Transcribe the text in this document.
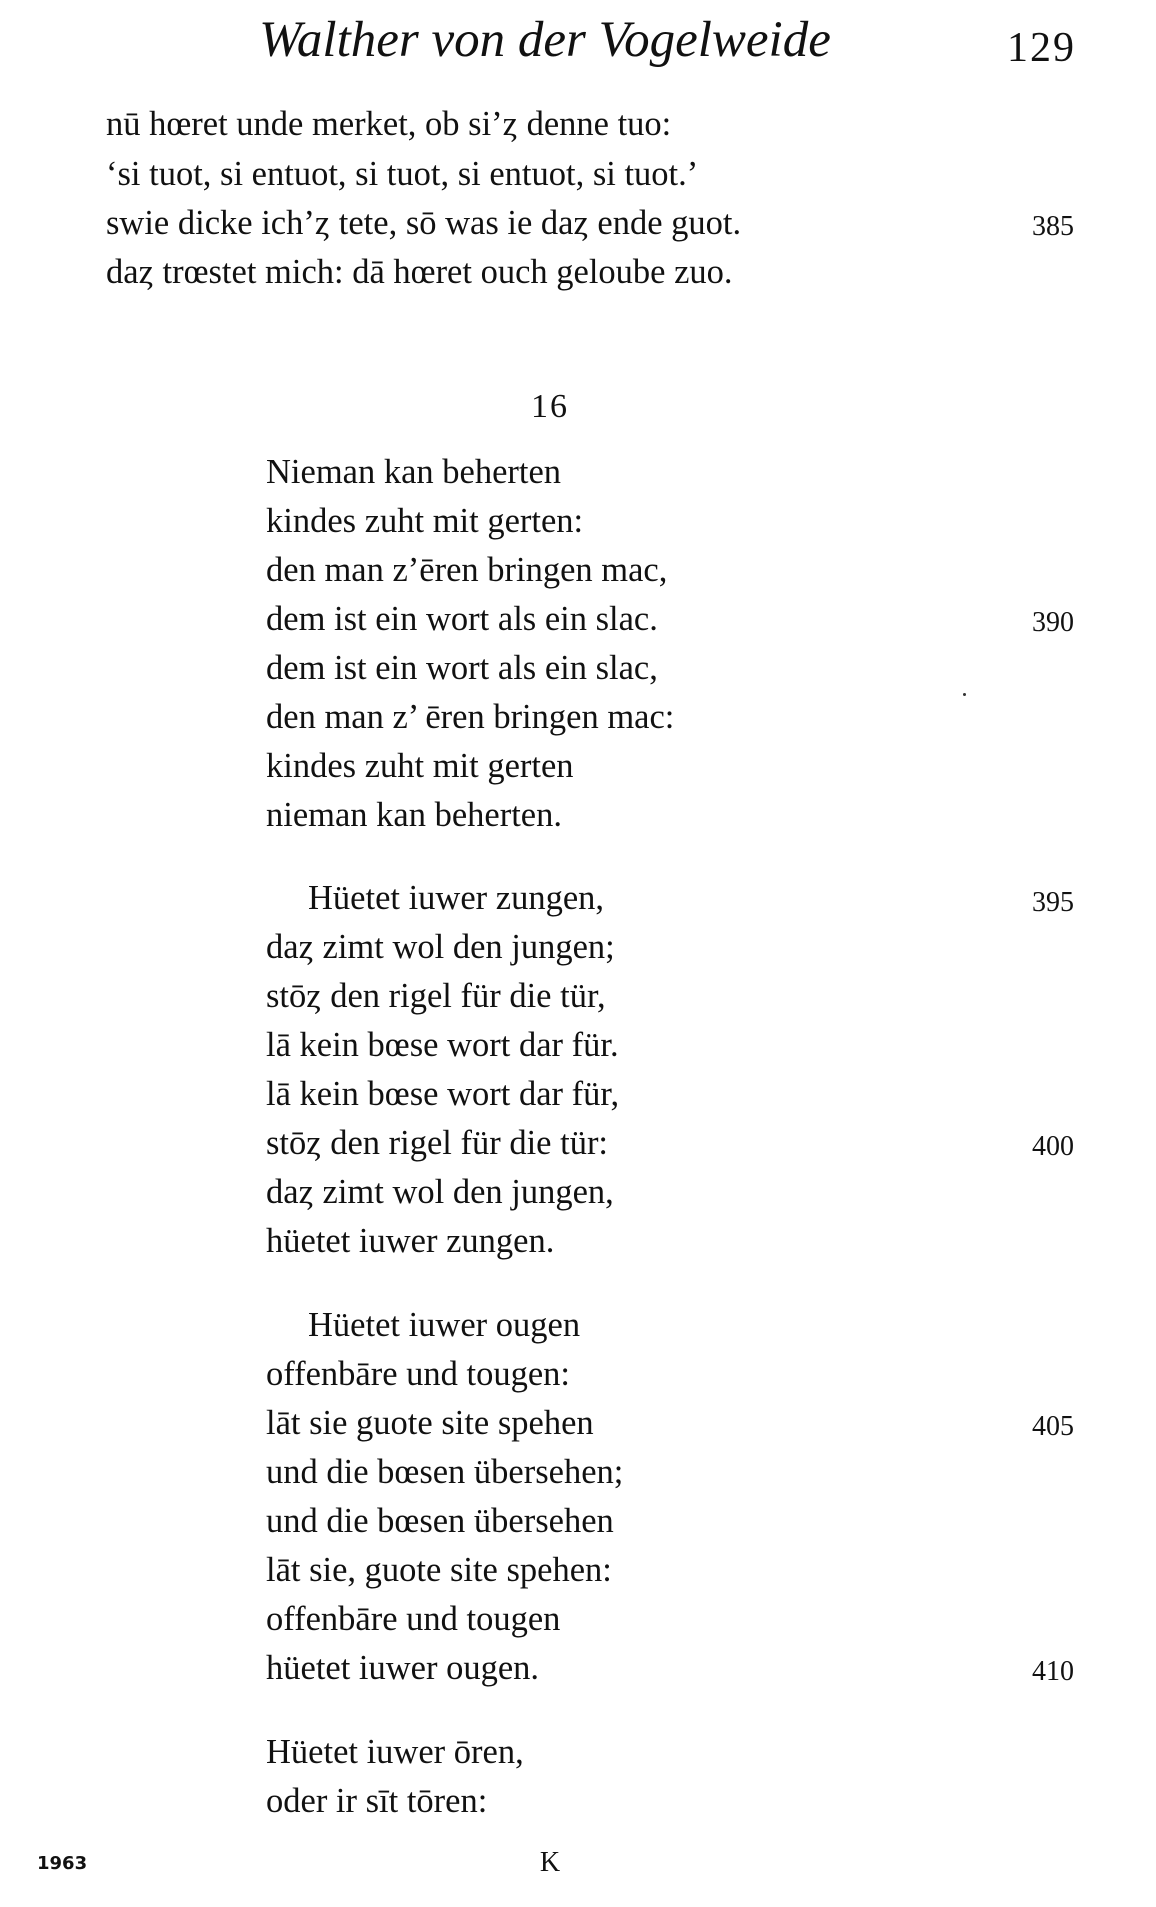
Walther von der Vogelweide	129
nū hœret unde merket, ob si’ȥ denne tuo:
‘si tuot, si entuot, si tuot, si entuot, si tuot.’
swie dicke ich’ȥ tete, sō was ie daȥ ende guot.	385
daȥ trœstet mich: dā hœret ouch geloube zuo.
16
Nieman kan beherten
kindes zuht mit gerten:
den man z’ēren bringen mac,
dem ist ein wort als ein slac.	390
dem ist ein wort als ein slac,
den man z’ ēren bringen mac:
kindes zuht mit gerten
nieman kan beherten.
Hüetet iuwer zungen,	395
daȥ zimt wol den jungen;
stōȥ den rigel für die tür,
lā kein bœse wort dar für.
lā kein bœse wort dar für,
stōȥ den rigel für die tür:	400
daȥ zimt wol den jungen,
hüetet iuwer zungen.
Hüetet iuwer ougen
offenbāre und tougen:
lāt sie guote site spehen	405
und die bœsen übersehen;
und die bœsen übersehen
lāt sie, guote site spehen:
offenbāre und tougen
hüetet iuwer ougen.	410
Hüetet iuwer ōren,
oder ir sīt tōren:
1963	K
